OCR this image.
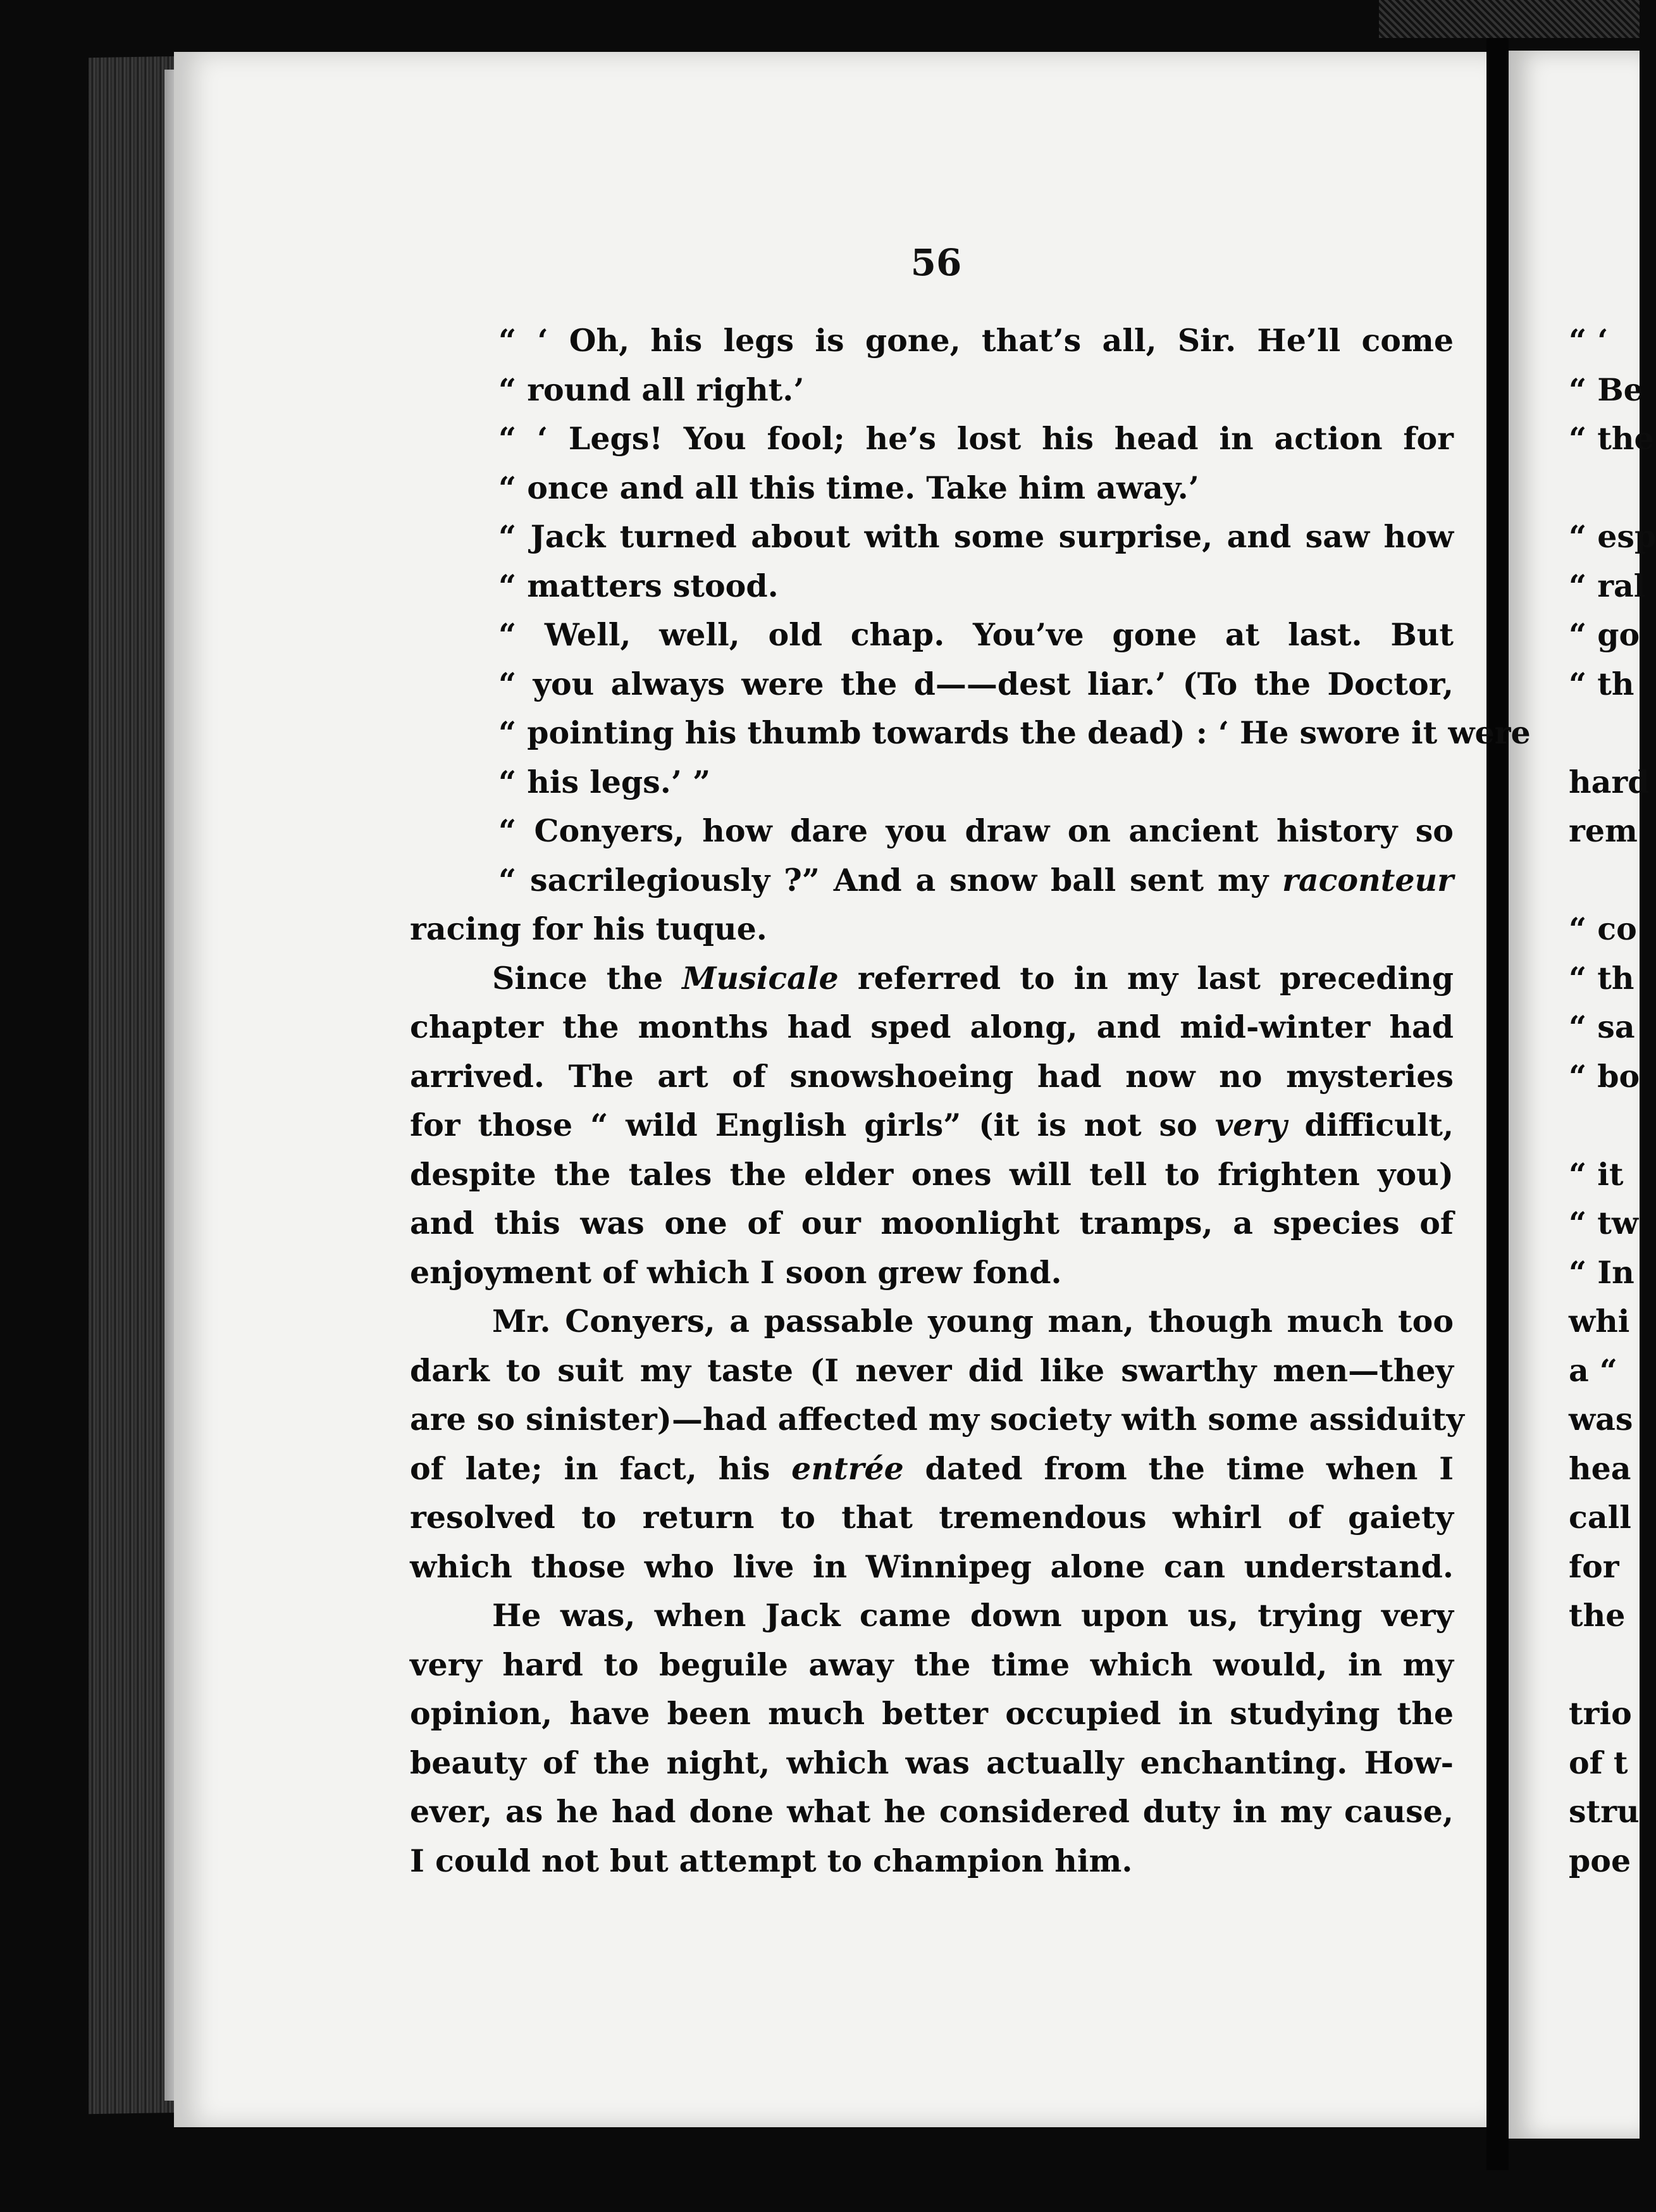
56
“ ‘ Oh, his legs is gone, that’s all, Sir. He’ll come
“ round all right.’
“ ‘ Legs! You fool; he’s lost his head in action for
“ once and all this time. Take him away.’
“ Jack turned about with some surprise, and saw how
“ matters stood.
“ Well, well, old chap. You’ve gone at last. But
“ you always were the d——dest liar.’ (To the Doctor,
“ pointing his thumb towards the dead) : ‘ He swore it were
“ his legs.’ ”
“ Conyers, how dare you draw on ancient history so
“ sacrilegiously ?” And a snow ball sent my raconteur
racing for his tuque.
Since the Musicale referred to in my last preceding
chapter the months had sped along, and mid-winter had
arrived. The art of snowshoeing had now no mysteries
for those “ wild English girls” (it is not so very difficult,
despite the tales the elder ones will tell to frighten you)
and this was one of our moonlight tramps, a species of
enjoyment of which I soon grew fond.
Mr. Conyers, a passable young man, though much too
dark to suit my taste (I never did like swarthy men—they
are so sinister)—had affected my society with some assiduity
of late; in fact, his entrée dated from the time when I
resolved to return to that tremendous whirl of gaiety
which those who live in Winnipeg alone can understand.
He was, when Jack came down upon us, trying very
very hard to beguile away the time which would, in my
opinion, have been much better occupied in studying the
beauty of the night, which was actually enchanting. How-
ever, as he had done what he considered duty in my cause,
I could not but attempt to champion him.
“ ‘
“ Be
“ the
“ esp
“ ral
“ go
“ th
hard
rem
“ co
“ th
“ sa
“ bo
“ it
“ tw
“ In
whi
a “
was
hea
call
for
the
trio
of t
stru
poe
